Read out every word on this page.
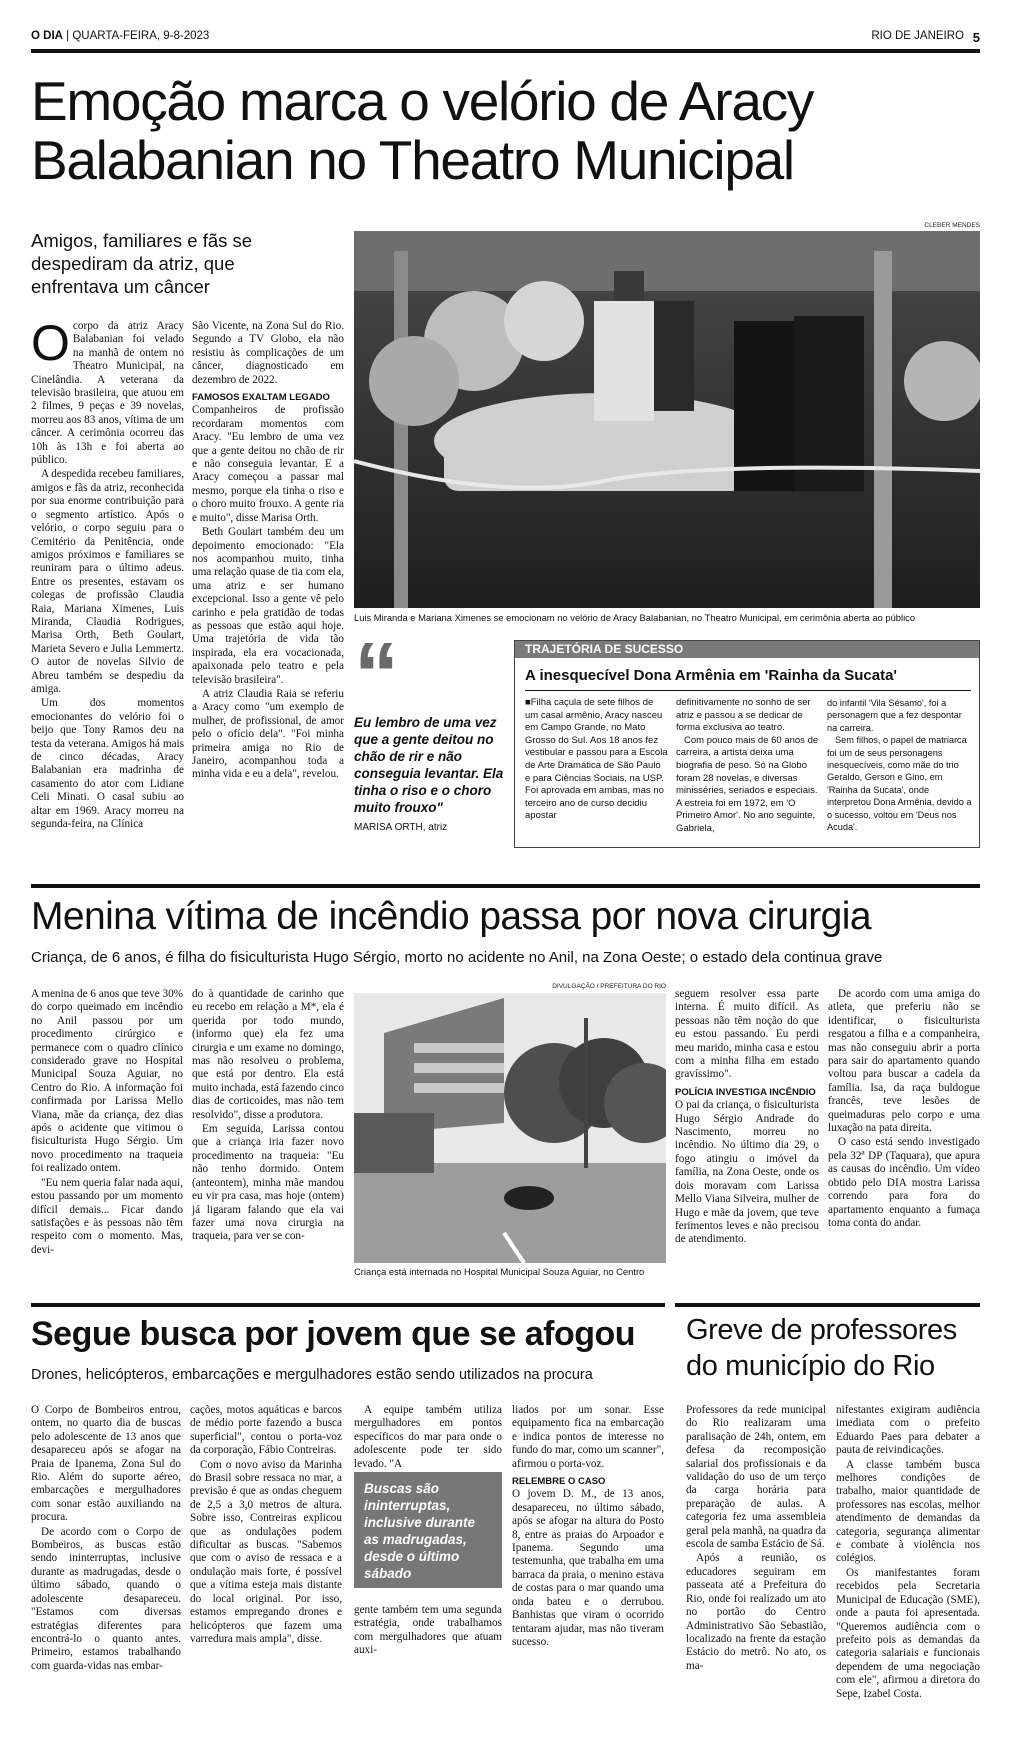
O DIA | QUARTA-FEIRA, 9-8-2023	RIO DE JANEIRO 5
Emoção marca o velório de Aracy Balabanian no Theatro Municipal
Amigos, familiares e fãs se despediram da atriz, que enfrentava um câncer
CLEBER MENDES
Luis Miranda e Mariana Ximenes se emocionam no velório de Aracy Balabanian, no Theatro Municipal, em cerimônia aberta ao público
O corpo da atriz Aracy Balabanian foi velado na manhã de ontem no Theatro Municipal, na Cinelândia. A veterana da televisão brasileira, que atuou em 2 filmes, 9 peças e 39 novelas, morreu aos 83 anos, vítima de um câncer. A cerimônia ocorreu das 10h às 13h e foi aberta ao público.

A despedida recebeu familiares, amigos e fãs da atriz, reconhecida por sua enorme contribuição para o segmento artístico. Após o velório, o corpo seguiu para o Cemitério da Penitência, onde amigos próximos e familiares se reuniram para o último adeus. Entre os presentes, estavam os colegas de profissão Claudia Raia, Mariana Ximenes, Luis Miranda, Claudia Rodrigues, Marisa Orth, Beth Goulart, Marieta Severo e Julia Lemmertz. O autor de novelas Silvio de Abreu também se despediu da amiga.

Um dos momentos emocionantes do velório foi o beijo que Tony Ramos deu na testa da veterana. Amigos há mais de cinco décadas, Aracy Balabanian era madrinha de casamento do ator com Lidiane Celi Minati. O casal subiu ao altar em 1969. Aracy morreu na segunda-feira, na Clínica

São Vicente, na Zona Sul do Rio. Segundo a TV Globo, ela não resistiu às complicações de um câncer, diagnosticado em dezembro de 2022.

FAMOSOS EXALTAM LEGADO

Companheiros de profissão recordaram momentos com Aracy. "Eu lembro de uma vez que a gente deitou no chão de rir e não conseguia levantar. E a Aracy começou a passar mal mesmo, porque ela tinha o riso e o choro muito frouxo. A gente ria e muito", disse Marisa Orth.

Beth Goulart também deu um depoimento emocionado: "Ela nos acompanhou muito, tinha uma relação quase de tia com ela, uma atriz e ser humano excepcional. Isso a gente vê pelo carinho e pela gratidão de todas as pessoas que estão aqui hoje. Uma trajetória de vida tão inspirada, ela era vocacionada, apaixonada pelo teatro e pela televisão brasileira".

A atriz Claudia Raia se referiu a Aracy como "um exemplo de mulher, de profissional, de amor pelo o ofício dela". "Foi minha primeira amiga no Rio de Janeiro, acompanhou toda a minha vida e eu a dela", revelou.

“
Eu lembro de uma vez que a gente deitou no chão de rir e não conseguia levantar. Ela tinha o riso e o choro muito frouxo"
MARISA ORTH, atriz
TRAJETÓRIA DE SUCESSO
A inesquecível Dona Armênia em 'Rainha da Sucata'
■Filha caçula de sete filhos de um casal armênio, Aracy nasceu em Campo Grande, no Mato Grosso do Sul. Aos 18 anos fez vestibular e passou para a Escola de Arte Dramática de São Paulo e para Ciências Sociais, na USP. Foi aprovada em ambas, mas no terceiro ano de curso decidiu apostar
definitivamente no sonho de ser atriz e passou a se dedicar de forma exclusiva ao teatro.
Com pouco mais de 60 anos de carreira, a artista deixa uma biografia de peso. Só na Globo foram 28 novelas, e diversas minisséries, seriados e especiais. A estreia foi em 1972, em 'O Primeiro Amor'. No ano seguinte, Gabriela,
do infantil 'Vila Sésamo', foi a personagem que a fez despontar na carreira.
Sem filhos, o papel de matriarca foi um de seus personagens inesquecíveis, como mãe do trio Geraldo, Gerson e Gino, em 'Rainha da Sucata', onde interpretou Dona Armênia, devido a o sucesso, voltou em 'Deus nos Acuda'.
Menina vítima de incêndio passa por nova cirurgia
Criança, de 6 anos, é filha do fisiculturista Hugo Sérgio, morto no acidente no Anil, na Zona Oeste; o estado dela continua grave

A menina de 6 anos que teve 30% do corpo queimado em incêndio no Anil passou por um procedimento cirúrgico e permanece com o quadro clínico considerado grave no Hospital Municipal Souza Aguiar, no Centro do Rio. A informação foi confirmada por Larissa Mello Viana, mãe da criança, dez dias após o acidente que vitimou o fisiculturista Hugo Sérgio. Um novo procedimento na traqueia foi realizado ontem.

"Eu nem queria falar nada aqui, estou passando por um momento difícil demais... Ficar dando satisfações e às pessoas não têm respeito com o momento. Mas, devi-

do à quantidade de carinho que eu recebo em relação a M*, ela é querida por todo mundo, (informo que) ela fez uma cirurgia e um exame no domingo, mas não resolveu o problema, que está por dentro. Ela está muito inchada, está fazendo cinco dias de corticoides, mas não tem resolvido", disse a produtora.

Em seguida, Larissa contou que a criança iria fazer novo procedimento na traqueia: "Eu não tenho dormido. Ontem (anteontem), minha mãe mandou eu vir pra casa, mas hoje (ontem) já ligaram falando que ela vai fazer uma nova cirurgia na traqueia, para ver se con-

DIVULGAÇÃO / PREFEITURA DO RIO
Criança está internada no Hospital Municipal Souza Aguiar, no Centro

seguem resolver essa parte interna. É muito difícil. As pessoas não têm noção do que eu estou passando. Eu perdi meu marido, minha casa e estou com a minha filha em estado gravíssimo".

POLÍCIA INVESTIGA INCÊNDIO

O pai da criança, o fisiculturista Hugo Sérgio Andrade do Nascimento, morreu no incêndio. No último dia 29, o fogo atingiu o imóvel da família, na Zona Oeste, onde os dois moravam com Larissa Mello Viana Silveira, mulher de Hugo e mãe da jovem, que teve ferimentos leves e não precisou de atendimento.

De acordo com uma amiga do atleta, que preferiu não se identificar, o fisiculturista resgatou a filha e a companheira, mas não conseguiu abrir a porta para sair do apartamento quando voltou para buscar a cadela da família. Isa, da raça buldogue francês, teve lesões de queimaduras pelo corpo e uma luxação na pata direita.

O caso está sendo investigado pela 32ª DP (Taquara), que apura as causas do incêndio. Um vídeo obtido pelo DIA mostra Larissa correndo para fora do apartamento enquanto a fumaça toma conta do andar.

Segue busca por jovem que se afogou
Drones, helicópteros, embarcações e mergulhadores estão sendo utilizados na procura

O Corpo de Bombeiros entrou, ontem, no quarto dia de buscas pelo adolescente de 13 anos que desapareceu após se afogar na Praia de Ipanema, Zona Sul do Rio. Além do suporte aéreo, embarcações e mergulhadores com sonar estão auxiliando na procura.

De acordo com o Corpo de Bombeiros, as buscas estão sendo ininterruptas, inclusive durante as madrugadas, desde o último sábado, quando o adolescente desapareceu. "Estamos com diversas estratégias diferentes para encontrá-lo o quanto antes. Primeiro, estamos trabalhando com guarda-vidas nas embar-

cações, motos aquáticas e barcos de médio porte fazendo a busca superficial", contou o porta-voz da corporação, Fábio Contreiras.

Com o novo aviso da Marinha do Brasil sobre ressaca no mar, a previsão é que as ondas cheguem de 2,5 a 3,0 metros de altura. Sobre isso, Contreiras explicou que as ondulações podem dificultar as buscas. "Sabemos que com o aviso de ressaca e a ondulação mais forte, é possível que a vítima esteja mais distante do local original. Por isso, estamos empregando drones e helicópteros que fazem uma varredura mais ampla", disse.

A equipe também utiliza mergulhadores em pontos específicos do mar para onde o adolescente pode ter sido levado. "A

Buscas são ininterruptas, inclusive durante as madrugadas, desde o último sábado

gente também tem uma segunda estratégia, onde trabalhamos com mergulhadores que atuam auxi-

liados por um sonar. Esse equipamento fica na embarcação e indica pontos de interesse no fundo do mar, como um scanner", afirmou o porta-voz.

RELEMBRE O CASO

O jovem D. M., de 13 anos, desapareceu, no último sábado, após se afogar na altura do Posto 8, entre as praias do Arpoador e Ipanema. Segundo uma testemunha, que trabalha em uma barraca da praia, o menino estava de costas para o mar quando uma onda bateu e o derrubou. Banhistas que viram o ocorrido tentaram ajudar, mas não tiveram sucesso.

Greve de professores do município do Rio

Professores da rede municipal do Rio realizaram uma paralisação de 24h, ontem, em defesa da recomposição salarial dos profissionais e da validação do uso de um terço da carga horária para preparação de aulas. A categoria fez uma assembleia geral pela manhã, na quadra da escola de samba Estácio de Sá.

Após a reunião, os educadores seguiram em passeata até a Prefeitura do Rio, onde foi realizado um ato no portão do Centro Administrativo São Sebastião, localizado na frente da estação Estácio do metrô. No ato, os ma-

nifestantes exigiram audiência imediata com o prefeito Eduardo Paes para debater a pauta de reivindicações.

A classe também busca melhores condições de trabalho, maior quantidade de professores nas escolas, melhor atendimento de demandas da categoria, segurança alimentar e combate à violência nos colégios.

Os manifestantes foram recebidos pela Secretaria Municipal de Educação (SME), onde a pauta foi apresentada. "Queremos audiência com o prefeito pois as demandas da categoria salariais e funcionais dependem de uma negociação com ele", afirmou a diretora do Sepe, Izabel Costa.
